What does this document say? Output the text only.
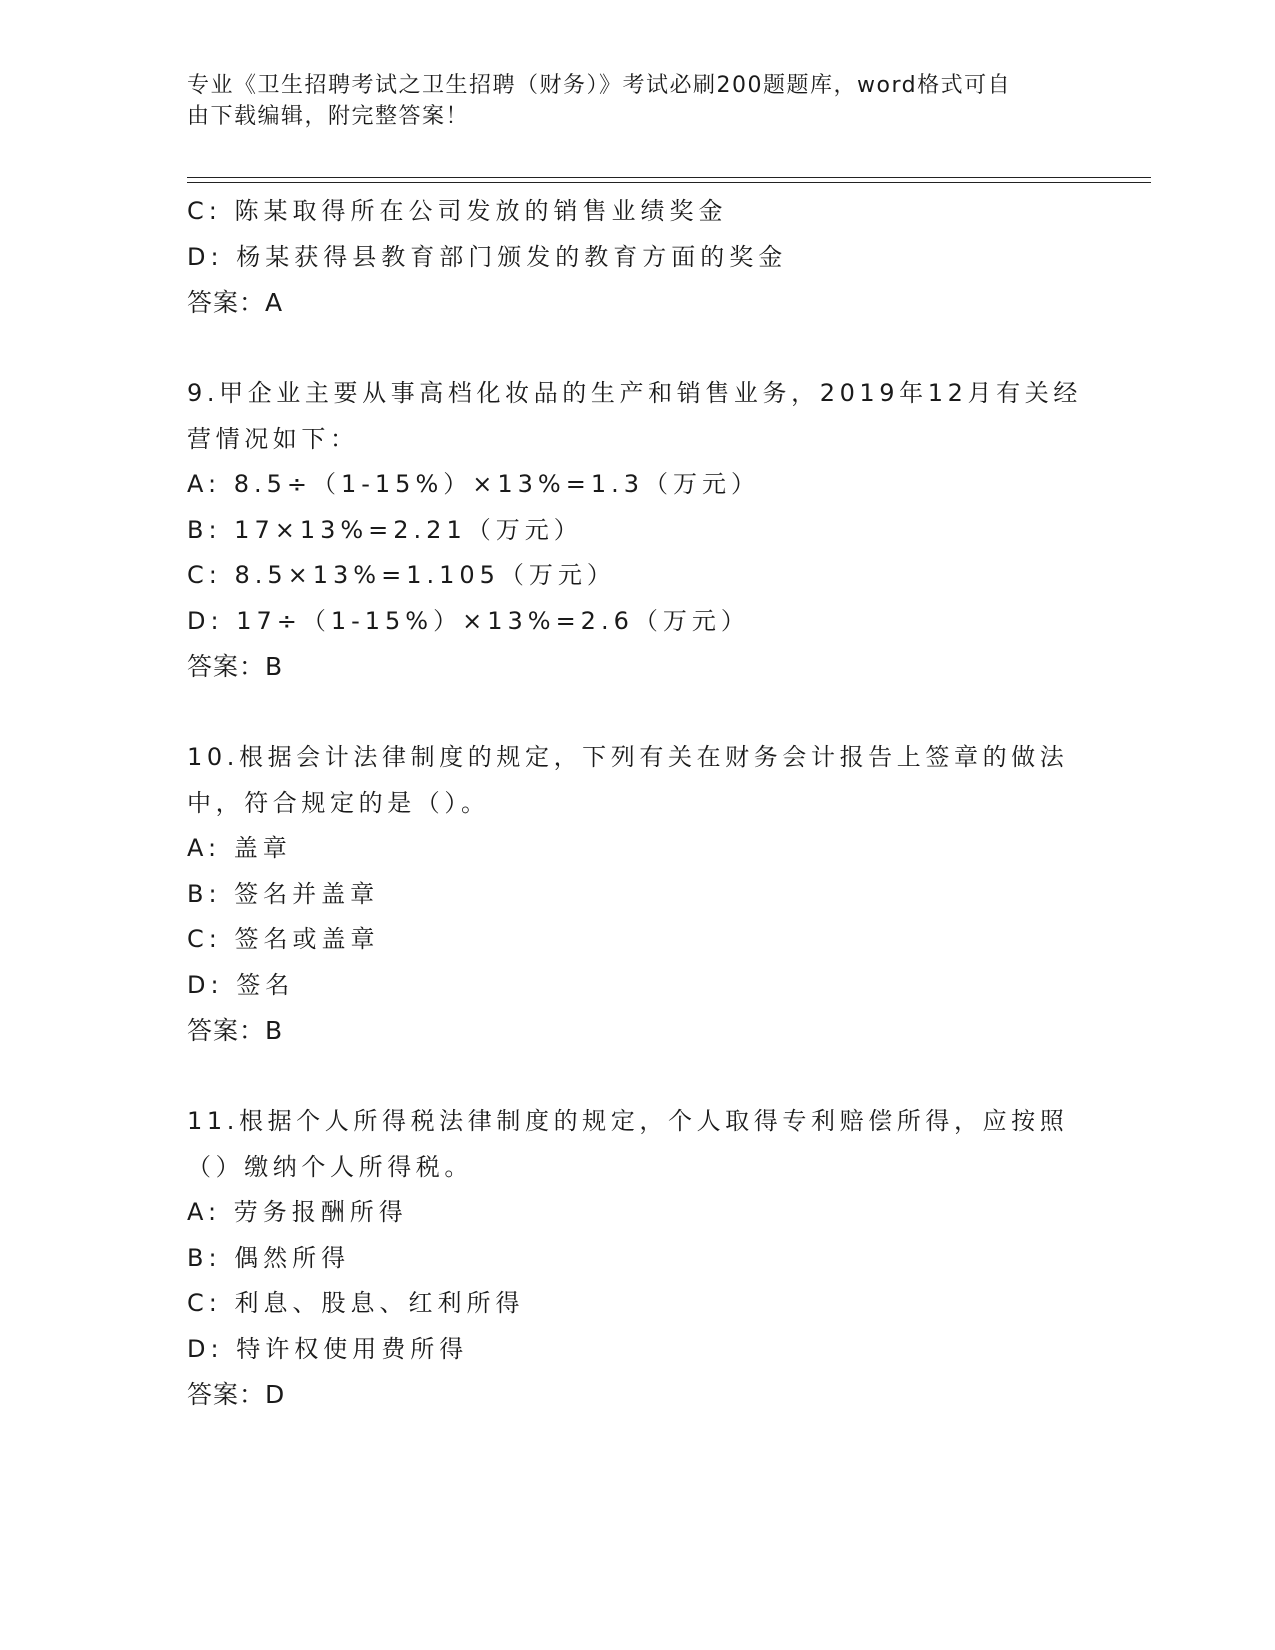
专业《卫生招聘考试之卫生招聘（财务）》考试必刷200题题库，word格式可自
由下载编辑，附完整答案！
C: 陈某取得所在公司发放的销售业绩奖金
D: 杨某获得县教育部门颁发的教育方面的奖金
答案：A
9.甲企业主要从事高档化妆品的生产和销售业务，2019年12月有关经
营情况如下：
A: 8.5÷（1-15%）×13%=1.3（万元）
B: 17×13%=2.21（万元）
C: 8.5×13%=1.105（万元）
D: 17÷（1-15%）×13%=2.6（万元）
答案：B
10.根据会计法律制度的规定，下列有关在财务会计报告上签章的做法
中，符合规定的是（）。
A: 盖章
B: 签名并盖章
C: 签名或盖章
D: 签名
答案：B
11.根据个人所得税法律制度的规定，个人取得专利赔偿所得，应按照
（）缴纳个人所得税。
A: 劳务报酬所得
B: 偶然所得
C: 利息、股息、红利所得
D: 特许权使用费所得
答案：D
